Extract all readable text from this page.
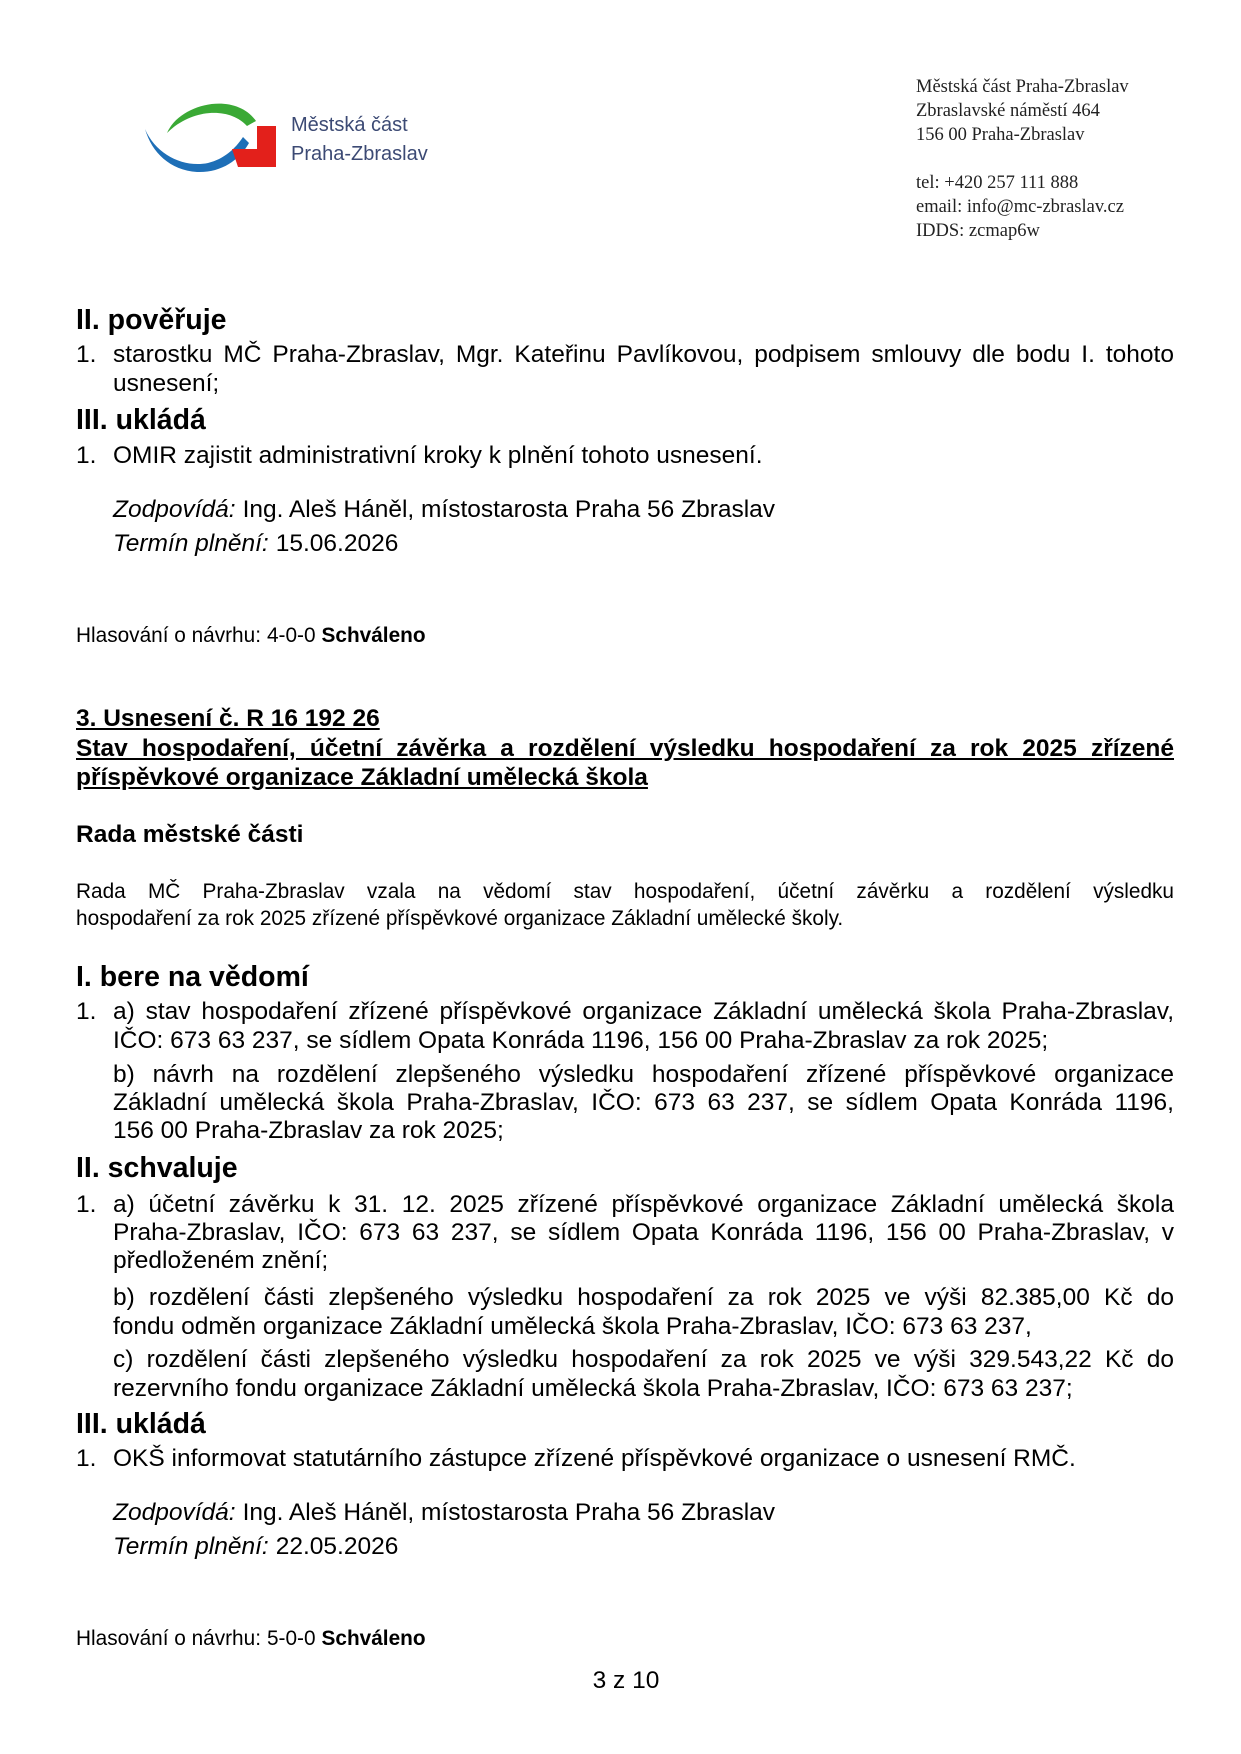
Městská část
Praha-Zbraslav
Městská část Praha-Zbraslav
Zbraslavské náměstí 464
156 00 Praha-Zbraslav
tel: +420 257 111 888
email: info@mc-zbraslav.cz
IDDS: zcmap6w
II. pověřuje
1. starostku MČ Praha-Zbraslav, Mgr. Kateřinu Pavlíkovou, podpisem smlouvy dle bodu I. tohoto
usnesení;
III. ukládá
1. OMIR zajistit administrativní kroky k plnění tohoto usnesení.
Zodpovídá: Ing. Aleš Háněl, místostarosta Praha 56 Zbraslav
Termín plnění: 15.06.2026
Hlasování o návrhu: 4-0-0 Schváleno
3. Usnesení č. R 16 192 26
Stav hospodaření, účetní závěrka a rozdělení výsledku hospodaření za rok 2025 zřízené
příspěvkové organizace Základní umělecká škola
Rada městské části
Rada MČ Praha-Zbraslav vzala na vědomí stav hospodaření, účetní závěrku a rozdělení výsledku
hospodaření za rok 2025 zřízené příspěvkové organizace Základní umělecké školy.
I. bere na vědomí
1. a) stav hospodaření zřízené příspěvkové organizace Základní umělecká škola Praha-Zbraslav,
IČO: 673 63 237, se sídlem Opata Konráda 1196, 156 00 Praha-Zbraslav za rok 2025;
b) návrh na rozdělení zlepšeného výsledku hospodaření zřízené příspěvkové organizace
Základní umělecká škola Praha-Zbraslav, IČO: 673 63 237, se sídlem Opata Konráda 1196,
156 00 Praha-Zbraslav za rok 2025;
II. schvaluje
1. a) účetní závěrku k 31. 12. 2025 zřízené příspěvkové organizace Základní umělecká škola
Praha-Zbraslav, IČO: 673 63 237, se sídlem Opata Konráda 1196, 156 00 Praha-Zbraslav, v
předloženém znění;
b) rozdělení části zlepšeného výsledku hospodaření za rok 2025 ve výši 82.385,00 Kč do
fondu odměn organizace Základní umělecká škola Praha-Zbraslav, IČO: 673 63 237,
c) rozdělení části zlepšeného výsledku hospodaření za rok 2025 ve výši 329.543,22 Kč do
rezervního fondu organizace Základní umělecká škola Praha-Zbraslav, IČO: 673 63 237;
III. ukládá
1. OKŠ informovat statutárního zástupce zřízené příspěvkové organizace o usnesení RMČ.
Zodpovídá: Ing. Aleš Háněl, místostarosta Praha 56 Zbraslav
Termín plnění: 22.05.2026
Hlasování o návrhu: 5-0-0 Schváleno
3 z 10
